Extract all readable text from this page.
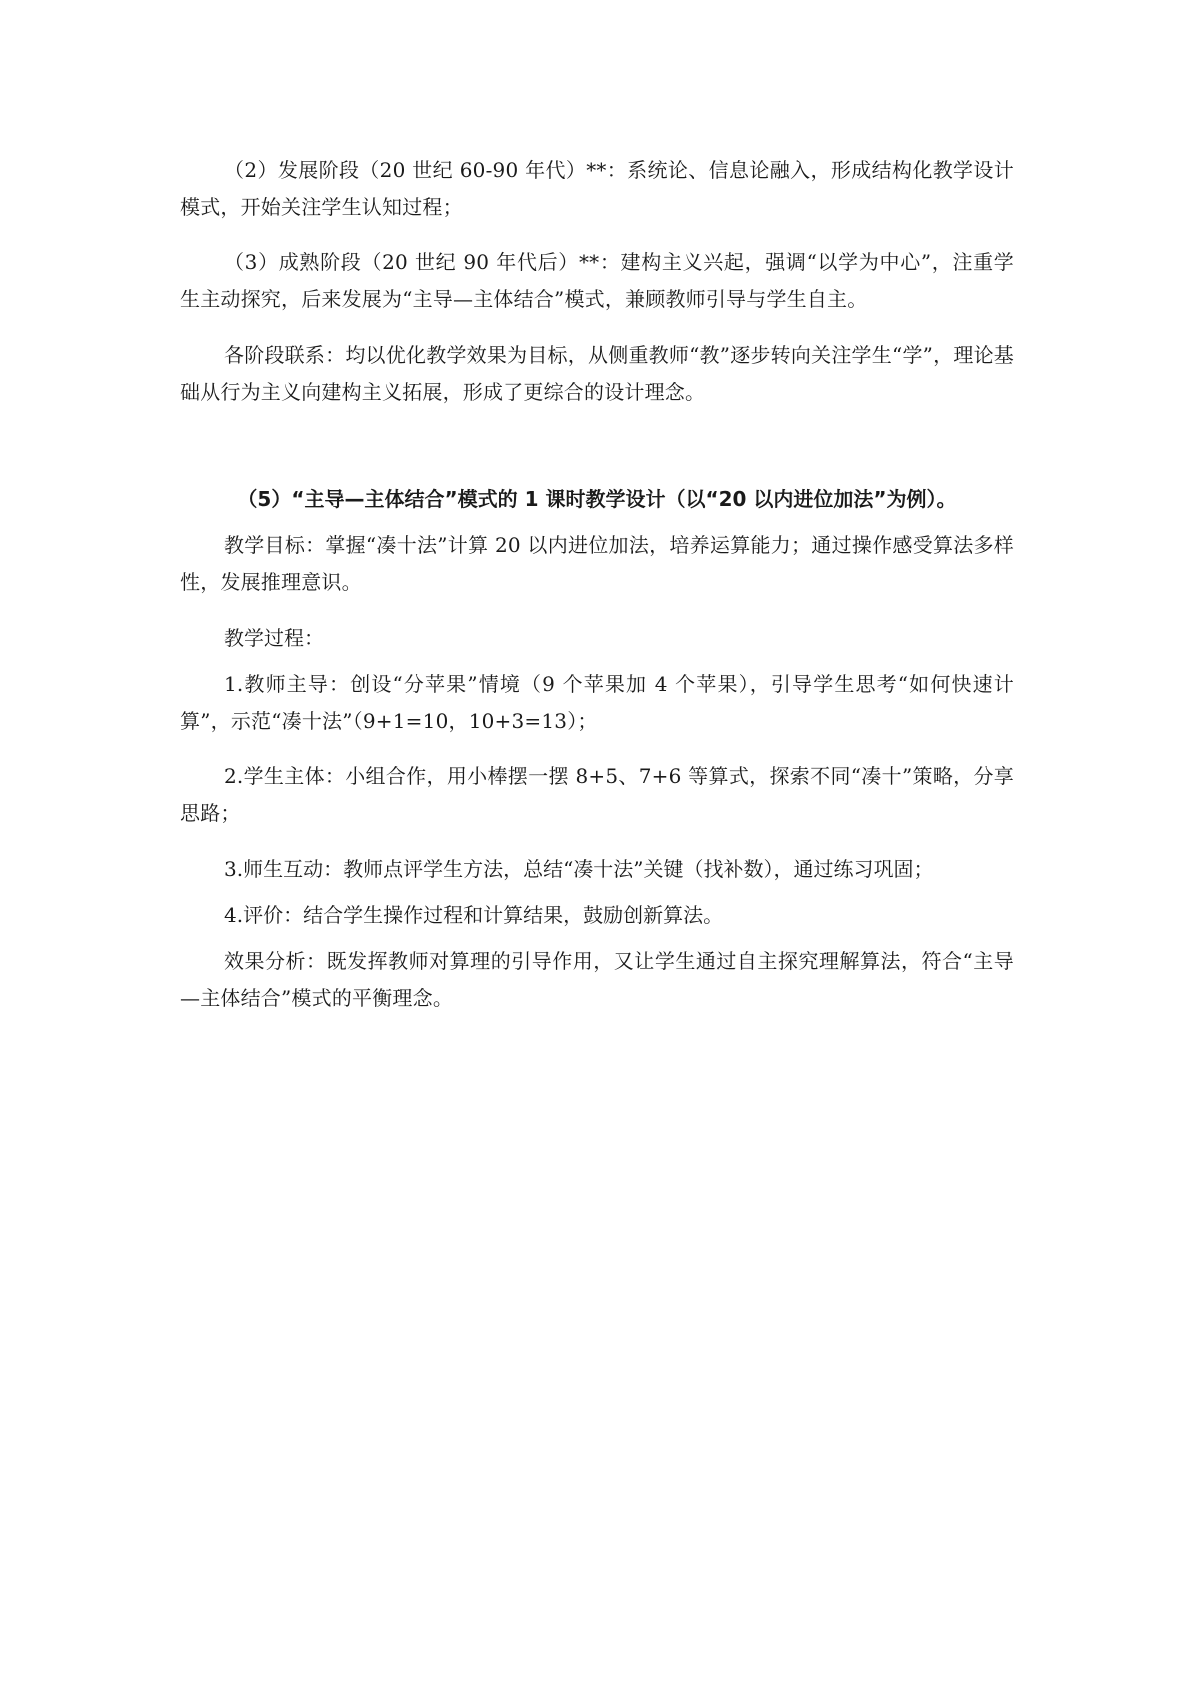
（2）发展阶段（20 世纪 60-90 年代）**：系统论、信息论融入，形成结构化教学设计模式，开始关注学生认知过程；

（3）成熟阶段（20 世纪 90 年代后）**：建构主义兴起，强调“以学为中心”，注重学生主动探究，后来发展为“主导—主体结合”模式，兼顾教师引导与学生自主。

各阶段联系：均以优化教学效果为目标，从侧重教师“教”逐步转向关注学生“学”，理论基础从行为主义向建构主义拓展，形成了更综合的设计理念。

（5）“主导—主体结合”模式的 1 课时教学设计（以“20 以内进位加法”为例）。

教学目标：掌握“凑十法”计算 20 以内进位加法，培养运算能力；通过操作感受算法多样性，发展推理意识。

教学过程：

1.教师主导：创设“分苹果”情境（9 个苹果加 4 个苹果），引导学生思考“如何快速计算”，示范“凑十法”（9+1=10，10+3=13）；

2.学生主体：小组合作，用小棒摆一摆 8+5、7+6 等算式，探索不同“凑十”策略，分享思路；

3.师生互动：教师点评学生方法，总结“凑十法”关键（找补数），通过练习巩固；

4.评价：结合学生操作过程和计算结果，鼓励创新算法。

效果分析：既发挥教师对算理的引导作用，又让学生通过自主探究理解算法，符合“主导—主体结合”模式的平衡理念。
